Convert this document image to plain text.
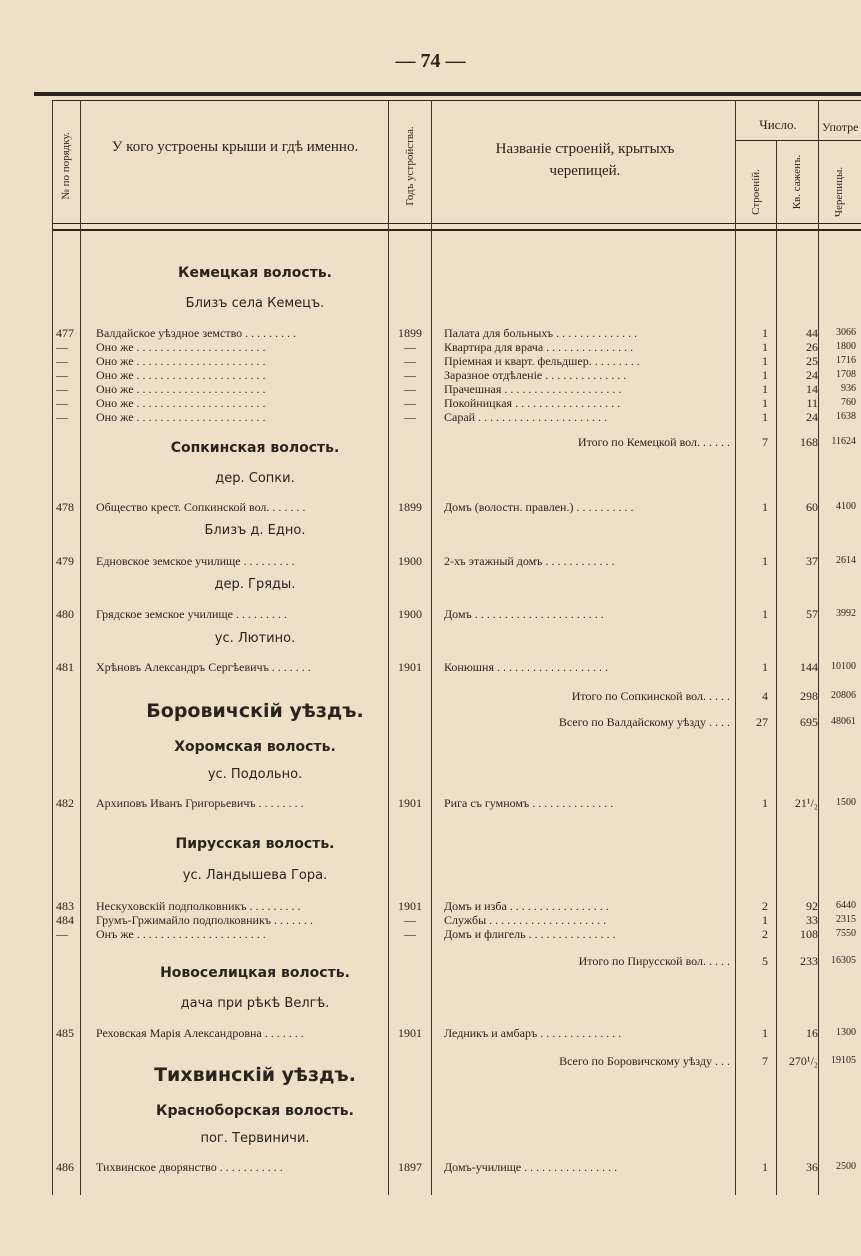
— 74 —
№ по порядку.	У кого устроены крыши и гдѣ именно.	Годъ устройства.	Названіе строеній, крытыхъ черепицей.
Число.
Строеній.	Кв. саженъ.
Употре
Черепицы.
Кемецкая волость.
Близъ села Кемецъ.
Сопкинская волость.
дер. Сопки.
Близъ д. Едно.
дер. Гряды.
ус. Лютино.
Боровичскій уѣздъ.
Хоромская волость.
ус. Подольно.
Пирусская волость.
ус. Ландышева Гора.
Новоселицкая волость.
дача при рѣкѣ Велгѣ.
Тихвинскій уѣздъ.
Красноборская волость.
пог. Тервиничи.
477	Валдайское уѣздное земство . . . . . . . . .	1899	Палата для больныхъ . . . . . . . . . . . . . .	1	44	3066
—	Оно же . . . . . . . . . . . . . . . . . . . . . .	—	Квартира для врача . . . . . . . . . . . . . . .	1	26	1800
—	Оно же . . . . . . . . . . . . . . . . . . . . . .	—	Пріемная и кварт. фельдшер. . . . . . . . .	1	25	1716
—	Оно же . . . . . . . . . . . . . . . . . . . . . .	—	Заразное отдѣленіе . . . . . . . . . . . . . .	1	24	1708
—	Оно же . . . . . . . . . . . . . . . . . . . . . .	—	Прачешная . . . . . . . . . . . . . . . . . . . .	1	14	936
—	Оно же . . . . . . . . . . . . . . . . . . . . . .	—	Покойницкая . . . . . . . . . . . . . . . . . .	1	11	760
—	Оно же . . . . . . . . . . . . . . . . . . . . . .	—	Сарай . . . . . . . . . . . . . . . . . . . . . .	1	24	1638
Итого по Кемецкой вол. . . . . .	7	168	11624
478	Общество крест. Сопкинской вол. . . . . . .	1899	Домъ (волостн. правлен.) . . . . . . . . . .	1	60	4100
479	Едновское земское училище . . . . . . . . .	1900	2-хъ этажный домъ . . . . . . . . . . . .	1	37	2614
480	Грядское земское училище . . . . . . . . .	1900	Домъ . . . . . . . . . . . . . . . . . . . . . .	1	57	3992
481	Хрѣновъ Александръ Сергѣевичъ . . . . . . .	1901	Конюшня . . . . . . . . . . . . . . . . . . .	1	144	10100
Итого по Сопкинской вол. . . . .	4	298	20806
Всего по Валдайскому уѣзду . . . .	27	695	48061
482	Архиповъ Иванъ Григорьевичъ . . . . . . . .	1901	Рига съ гумномъ . . . . . . . . . . . . . .	1	21¹/₂	1500
483	Нескуховскій подполковникъ . . . . . . . . .	1901	Домъ и изба . . . . . . . . . . . . . . . . .	2	92	6440
484	Грумъ-Гржимайло подполковникъ . . . . . . .	—	Службы . . . . . . . . . . . . . . . . . . . .	1	33	2315
—	Онъ же . . . . . . . . . . . . . . . . . . . . . .	—	Домъ и флигель . . . . . . . . . . . . . . .	2	108	7550
Итого по Пирусской вол. . . . .	5	233	16305
485	Реховская Марія Александровна . . . . . . .	1901	Ледникъ и амбаръ . . . . . . . . . . . . . .	1	16	1300
Всего по Боровичскому уѣзду . . .	7	270¹/₂	19105
486	Тихвинское дворянство . . . . . . . . . . .	1897	Домъ-училище . . . . . . . . . . . . . . . .	1	36	2500
